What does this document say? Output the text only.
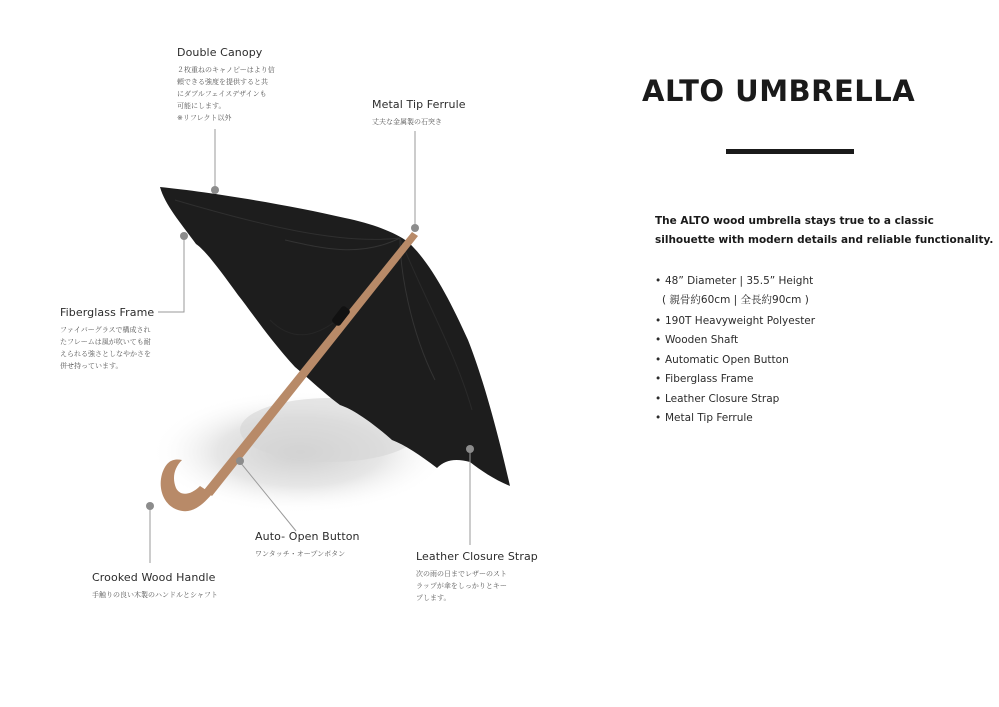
Double Canopy
２枚重ねのキャノピーはより信
頼できる強度を提供すると共
にダブルフェイスデザインも
可能にします。
※リフレクト以外
Metal Tip Ferrule
丈夫な金属製の石突き
Fiberglass Frame
ファイバーグラスで構成され
たフレームは風が吹いても耐
えられる強さとしなやかさを
併せ持っています。
Auto- Open Button
ワンタッチ・オープンボタン	Leather Closure Strap
次の雨の日までレザーのスト
ラップが傘をしっかりとキー
プします。
Crooked Wood Handle
手触りの良い木製のハンドルとシャフト
ALTO UMBRELLA
The ALTO wood umbrella stays true to a classic
silhouette with modern details and reliable functionality.
• 48” Diameter | 35.5” Height
( 親骨約60cm | 全長約90cm )
• 190T Heavyweight Polyester
• Wooden Shaft
• Automatic Open Button
• Fiberglass Frame
• Leather Closure Strap
• Metal Tip Ferrule
